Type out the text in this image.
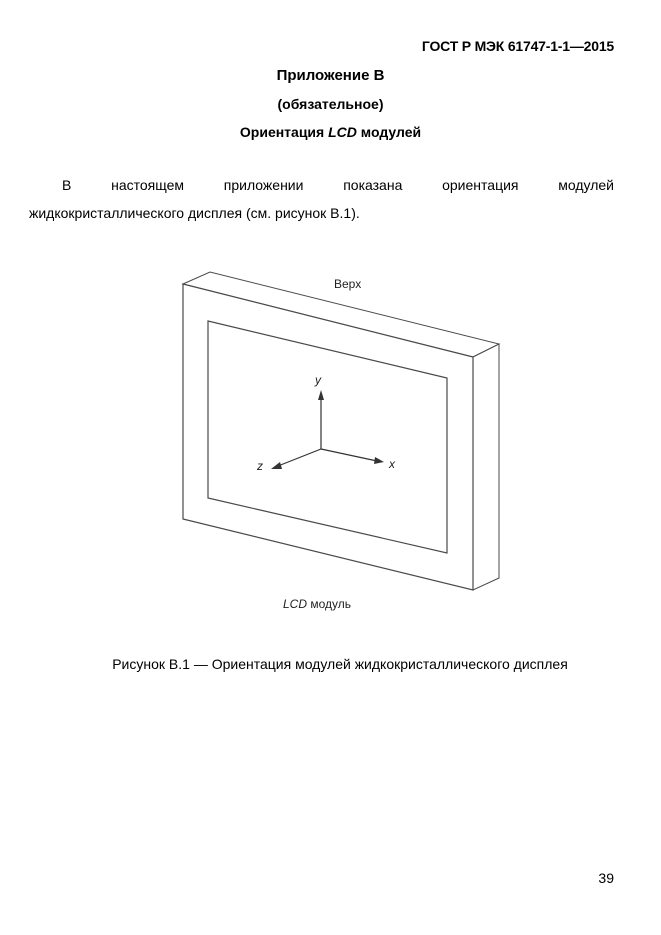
ГОСТ Р МЭК 61747-1-1—2015
Приложение В
(обязательное)
Ориентация LCD модулей
В настоящем приложении показана ориентация модулей
жидкокристаллического дисплея (см. рисунок В.1).
Верх
y
x
z
LCD модуль
Рисунок В.1 — Ориентация модулей жидкокристаллического дисплея
39
